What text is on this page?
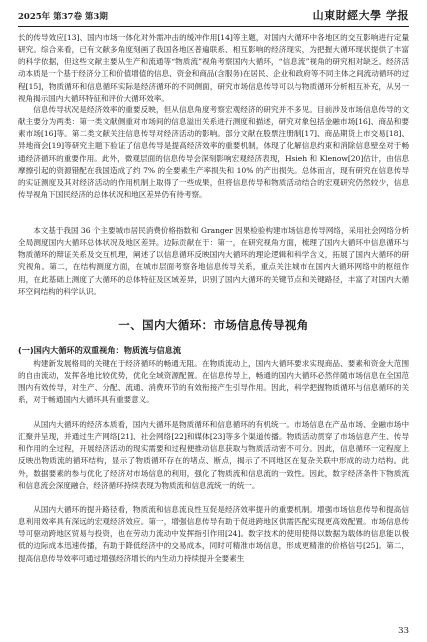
2025年 第37卷 第3期	山東財經大學 学报

长的传导效应[13]、国内市场一体化对外需冲击的缓冲作用[14]等主题，对国内大循环中各地区的交互影响进行定量研究。综合来看，已有文献多角度刻画了我国各地区普遍联系、相互影响的经济现实，为把握大循环现状提供了丰富的科学依据，但这些文献主要从生产和流通等“物质流”视角考察国内大循环，“信息流”视角的研究相对缺乏。经济活动本质是一个基于经济分工和价值增值的信息、资金和商品(含服务)在居民、企业和政府等不同主体之间流动循环的过程[15]，物质循环和信息循环实际是经济循环的不同侧面，研究市场信息传导可以与物质循环分析相互补充，从另一视角揭示国内大循环特征和评价大循环效率。

信息传导状况是经济效率的重要反映，但从信息角度考察宏观经济的研究并不多见。目前涉及市场信息传导的文献主要分为两类：第一类文献侧重对市场间的信息溢出关系进行测度和描述，研究对象包括金融市场[16]、商品和要素市场[16]等。第二类文献关注信息传导对经济活动的影响。部分文献在股票注册制[17]、商品期货上市交易[18]、异地商会[19]等研究主题下验证了信息传导是提高经济效率的重要机制，体现了化解信息约束和消除信息壁垒对于畅通经济循环的重要作用。此外，微观层面的信息传导会深刻影响宏观经济表现，Hsieh 和 Klenow[20]估计，由信息摩擦引起的资源错配在我国造成了约 7% 的全要素生产率损失和 10% 的产出损失。总体而言，现有研究在信息传导的实证测度及其对经济活动的作用机制上取得了一些成果，但将信息传导和物质活动结合的宏观研究仍然较少，信息传导视角下国民经济的总体状况和地区差异仍有待考察。

本文基于我国 36 个主要城市居民消费价格指数和 Granger 因果检验构建市场信息传导网络，采用社会网络分析全局测度国内大循环总体状况及地区差异。边际贡献在于：第一，在研究视角方面，梳理了国内大循环中信息循环与物质循环的辩证关系及交互机理，阐述了以信息循环反映国内大循环的理论逻辑和科学含义，拓展了国内大循环的研究视角。第二，在结构测度方面，在城市层面考察各地信息传导关系，重点关注城市在国内大循环网络中的枢纽作用，在此基础上测度了大循环的总体特征及区域差异，识别了国内大循环的关键节点和关键路径，丰富了对国内大循环空间结构的科学认识。

一、国内大循环：市场信息传导视角
(一)国内大循环的双重视角：物质流与信息流

构建新发展格局的关键在于经济循环的畅通无阻。在物质流动上，国内大循环要求实现商品、要素和资金大范围的自由流动，发挥各地比较优势，优化全域资源配置。在信息传导上，畅通的国内大循环必然伴随市场信息在全国范围内有效传导，对生产、分配、流通、消费环节的有效衔接产生引导作用。因此，科学把握物质循环与信息循环的关系，对于畅通国内大循环具有重要意义。

从国内大循环的经济本质看，国内大循环是物质循环和信息循环的有机统一。市场信息在产品市场、金融市场中汇聚并呈现，并通过生产网络[21]、社会网络[22]和媒体[23]等多个渠道传播。物质活动贯穿了市场信息产生、传导和作用的全过程，开展经济活动的现实需要和过程便推动信息获取与物质活动密不可分。因此，信息循环一定程度上反映出物质流的循环结构，显示了物质循环存在的堵点、断点，揭示了不同地区在复杂关联中形成的动力结构。此外，数据要素的参与优化了经济对市场信息的利用，强化了物质流和信息流的一致性。因此，数字经济条件下物质流和信息流会深度融合，经济循环持续表现为物质流和信息流统一的统一。

从国内大循环的提升路径看，物质流和信息流良性互促是经济效率提升的重要机制。增强市场信息传导和提高信息利用效率具有深远的宏观经济效应。第一，增强信息传导有助于促进跨地区供需匹配实现更高效配置。市场信息传导可驱动跨地区贸易与投资，也在劳动力流动中发挥指引作用[24]。数字技术的使用使得以数据为载体的信息能以极低的边际成本迅速传播，有助于降低经济中的交易成本，同时可精准市场信息，形成更精准的价格信号[25]。第二，提高信息传导效率可通过增强经济增长的内生动力持续提升全要素生

33
